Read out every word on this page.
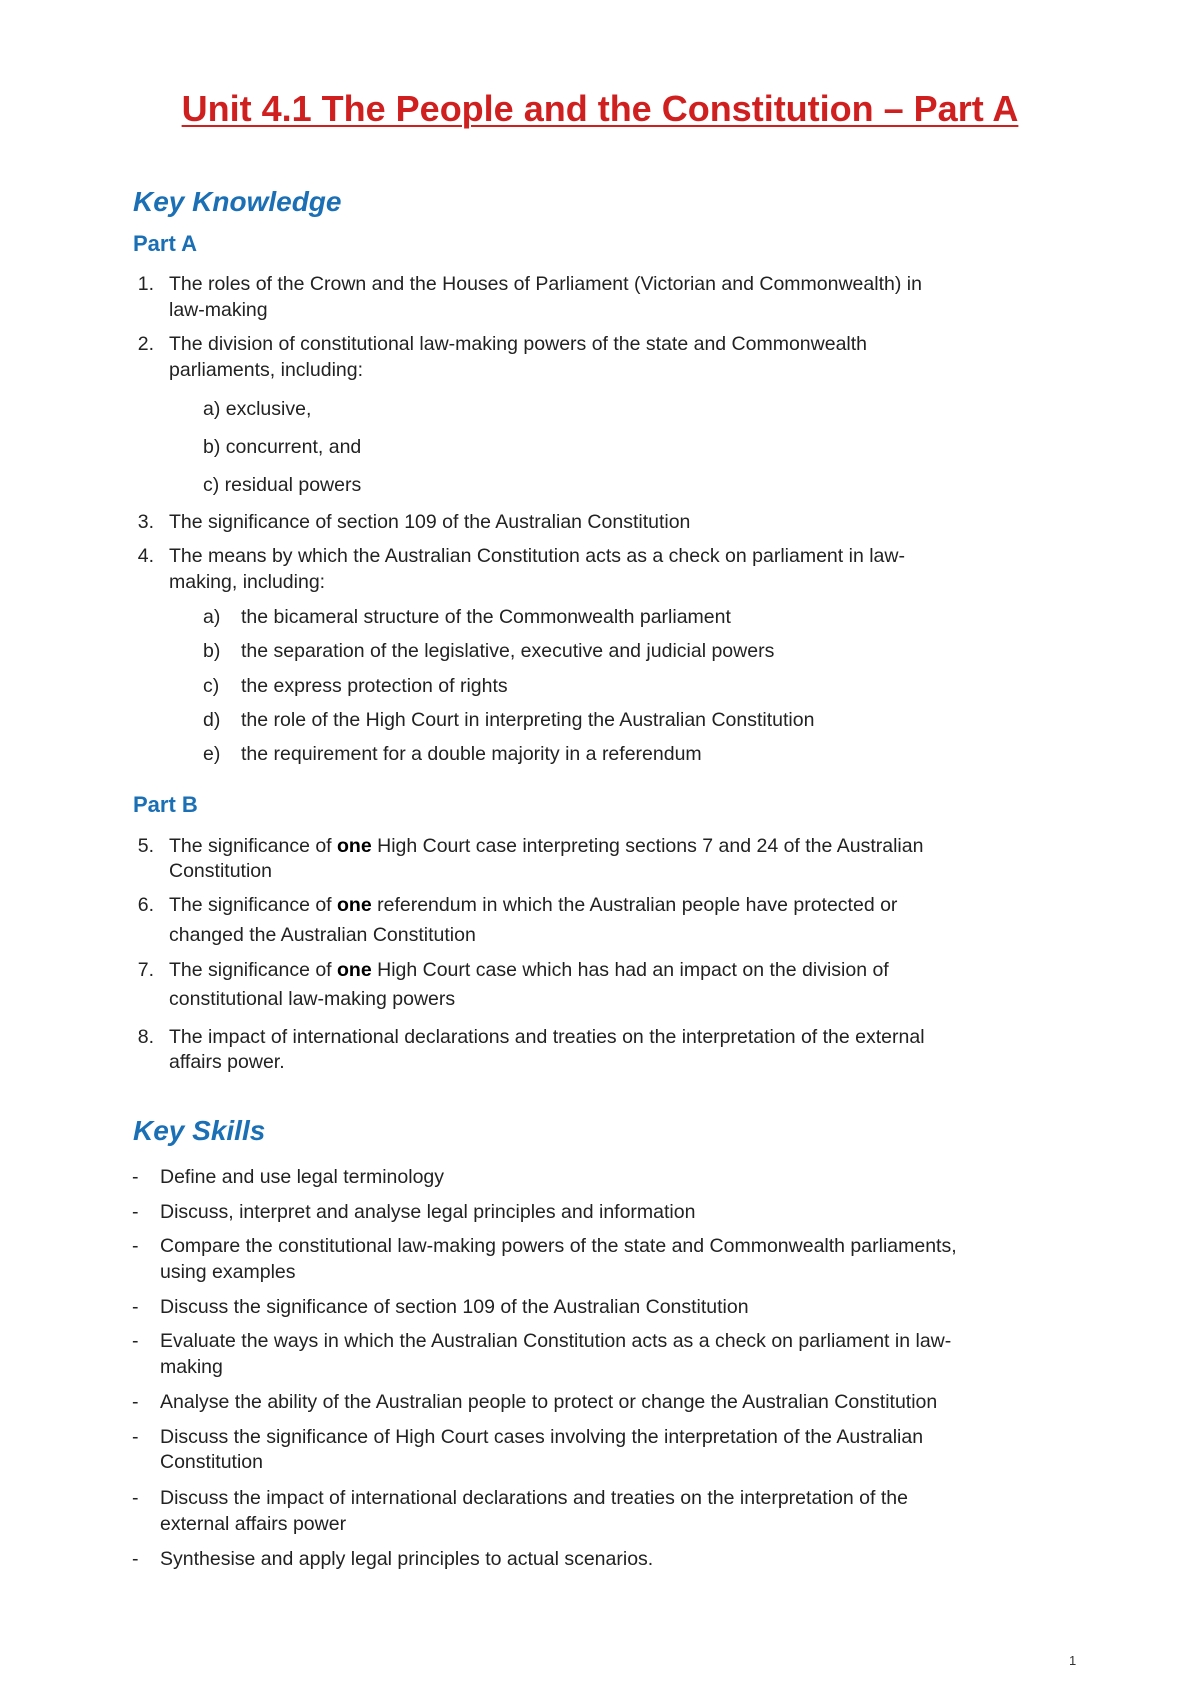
Unit 4.1 The People and the Constitution – Part A
Key Knowledge
Part A
1. The roles of the Crown and the Houses of Parliament (Victorian and Commonwealth) in
law-making
2. The division of constitutional law-making powers of the state and Commonwealth
parliaments, including:
a) exclusive,
b) concurrent, and
c) residual powers
3. The significance of section 109 of the Australian Constitution
4. The means by which the Australian Constitution acts as a check on parliament in law-
making, including:
a) the bicameral structure of the Commonwealth parliament
b) the separation of the legislative, executive and judicial powers
c) the express protection of rights
d) the role of the High Court in interpreting the Australian Constitution
e) the requirement for a double majority in a referendum
Part B
5. The significance of one High Court case interpreting sections 7 and 24 of the Australian
Constitution
6. The significance of one referendum in which the Australian people have protected or
changed the Australian Constitution
7. The significance of one High Court case which has had an impact on the division of
constitutional law-making powers
8. The impact of international declarations and treaties on the interpretation of the external
affairs power.
Key Skills
- Define and use legal terminology
- Discuss, interpret and analyse legal principles and information
- Compare the constitutional law-making powers of the state and Commonwealth parliaments,
using examples
- Discuss the significance of section 109 of the Australian Constitution
- Evaluate the ways in which the Australian Constitution acts as a check on parliament in law-
making
- Analyse the ability of the Australian people to protect or change the Australian Constitution
- Discuss the significance of High Court cases involving the interpretation of the Australian
Constitution
- Discuss the impact of international declarations and treaties on the interpretation of the
external affairs power
- Synthesise and apply legal principles to actual scenarios.
1
